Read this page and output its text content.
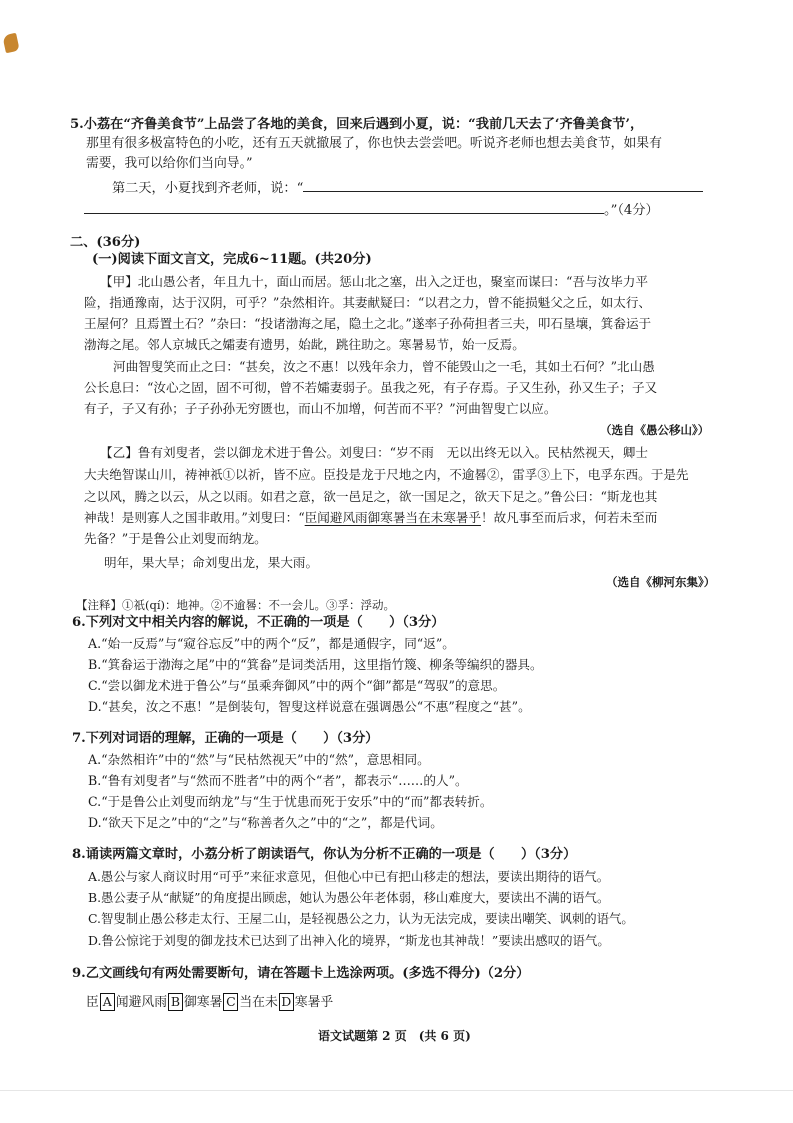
5.小荔在“齐鲁美食节”上品尝了各地的美食，回来后遇到小夏，说：“我前几天去了‘齐鲁美食节’，
那里有很多极富特色的小吃，还有五天就撤展了，你也快去尝尝吧。听说齐老师也想去美食节，如果有
需要，我可以给你们当向导。”
第二天，小夏找到齐老师，说：“
。”（4分）
二、(36分)
(一)阅读下面文言文，完成6~11题。(共20分)
【甲】北山愚公者，年且九十，面山而居。惩山北之塞，出入之迂也，聚室而谋曰：“吾与汝毕力平
险，指通豫南，达于汉阴，可乎？”杂然相许。其妻献疑曰：“以君之力，曾不能损魁父之丘，如太行、
王屋何？且焉置土石？”杂曰：“投诸渤海之尾，隐土之北。”遂率子孙荷担者三夫，叩石垦壤，箕畚运于
渤海之尾。邻人京城氏之孀妻有遗男，始龀，跳往助之。寒暑易节，始一反焉。
河曲智叟笑而止之曰：“甚矣，汝之不惠！以残年余力，曾不能毁山之一毛，其如土石何？”北山愚
公长息曰：“汝心之固，固不可彻，曾不若孀妻弱子。虽我之死，有子存焉。子又生孙，孙又生子；子又
有子，子又有孙；子子孙孙无穷匮也，而山不加增，何苦而不平？”河曲智叟亡以应。
（选自《愚公移山》）
【乙】鲁有刘叟者，尝以御龙术进于鲁公。刘叟曰：“岁不雨　无以出终无以入。民枯然视天，卿士
大夫绝智谋山川，祷神祇①以祈，皆不应。臣投是龙于尺地之内，不逾晷②，雷孚③上下，电孚东西。于是先
之以风，腾之以云，从之以雨。如君之意，欲一邑足之，欲一国足之，欲天下足之。”鲁公曰：“斯龙也其
神哉！是则寡人之国非敢用。”刘叟曰：“臣闻避风雨御寒暑当在未寒暑乎！故凡事至而后求，何若未至而
先备？”于是鲁公止刘叟而纳龙。
明年，果大旱；命刘叟出龙，果大雨。
（选自《柳河东集》）
【注释】①祇(qí)：地神。②不逾晷：不一会儿。③孚：浮动。
6.下列对文中相关内容的解说，不正确的一项是（　　）（3分）
A.“始一反焉”与“窥谷忘反”中的两个“反”，都是通假字，同“返”。
B.“箕畚运于渤海之尾”中的“箕畚”是词类活用，这里指竹篾、柳条等编织的器具。
C.“尝以御龙术进于鲁公”与“虽乘奔御风”中的两个“御”都是“驾驭”的意思。
D.“甚矣，汝之不惠！”是倒装句，智叟这样说意在强调愚公“不惠”程度之“甚”。
7.下列对词语的理解，正确的一项是（　　）（3分）
A.“杂然相许”中的“然”与“民枯然视天”中的“然”，意思相同。
B.“鲁有刘叟者”与“然而不胜者”中的两个“者”，都表示“……的人”。
C.“于是鲁公止刘叟而纳龙”与“生于忧患而死于安乐”中的“而”都表转折。
D.“欲天下足之”中的“之”与“称善者久之”中的“之”，都是代词。
8.诵读两篇文章时，小荔分析了朗读语气，你认为分析不正确的一项是（　　）（3分）
A.愚公与家人商议时用“可乎”来征求意见，但他心中已有把山移走的想法，要读出期待的语气。
B.愚公妻子从“献疑”的角度提出顾虑，她认为愚公年老体弱，移山难度大，要读出不满的语气。
C.智叟制止愚公移走太行、王屋二山，是轻视愚公之力，认为无法完成，要读出嘲笑、讽刺的语气。
D.鲁公惊诧于刘叟的御龙技术已达到了出神入化的境界，“斯龙也其神哉！”要读出感叹的语气。
9.乙文画线句有两处需要断句，请在答题卡上选涂两项。(多选不得分)（2分）
臣 A 闻避风雨 B 御寒暑 C 当在未 D 寒暑乎
语文试题第 2 页　(共 6 页)
